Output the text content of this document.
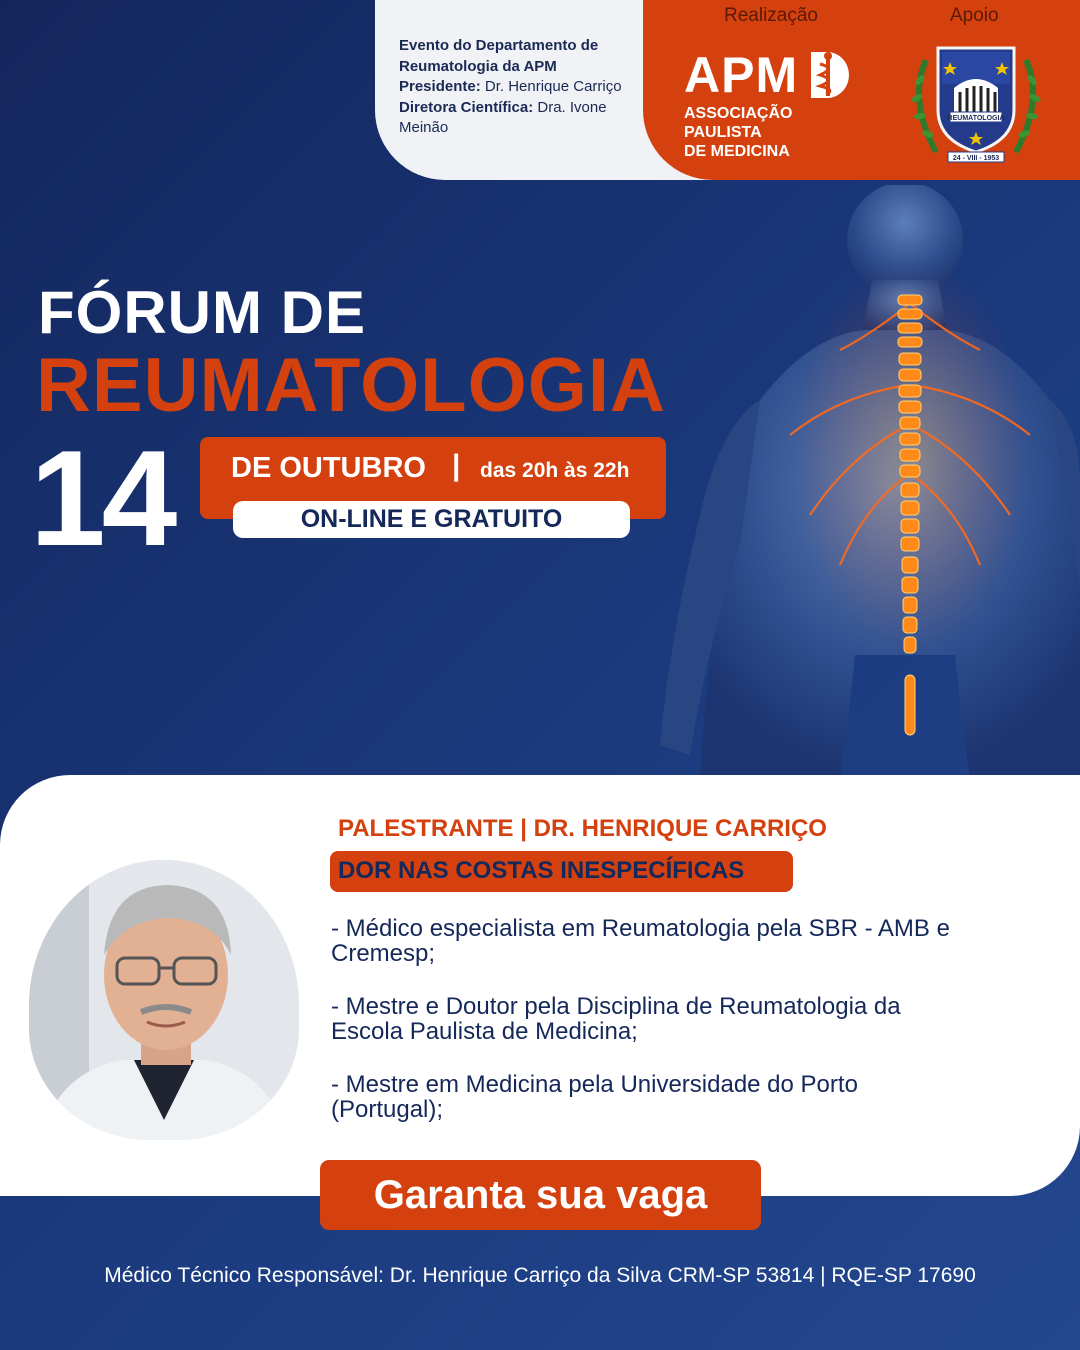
Evento do Departamento de Reumatologia da APM
Presidente: Dr. Henrique Carriço Diretora Científica: Dra. Ivone Meinão
Realização	Apoio
APM
ASSOCIAÇÃO PAULISTA
DE MEDICINA
REUMATOLOGIA
24 - VIII - 1953
FÓRUM DE
REUMATOLOGIA
14 DE OUTUBRO | das 20h às 22h
ON-LINE E GRATUITO
PALESTRANTE | DR. HENRIQUE CARRIÇO
DOR NAS COSTAS INESPECÍFICAS

- Médico especialista em Reumatologia pela SBR - AMB e Cremesp;

- Mestre e Doutor pela Disciplina de Reumatologia da Escola Paulista de Medicina;

- Mestre em Medicina pela Universidade do Porto (Portugal);

Garanta sua vaga
Médico Técnico Responsável: Dr. Henrique Carriço da Silva CRM-SP 53814 | RQE-SP 17690
